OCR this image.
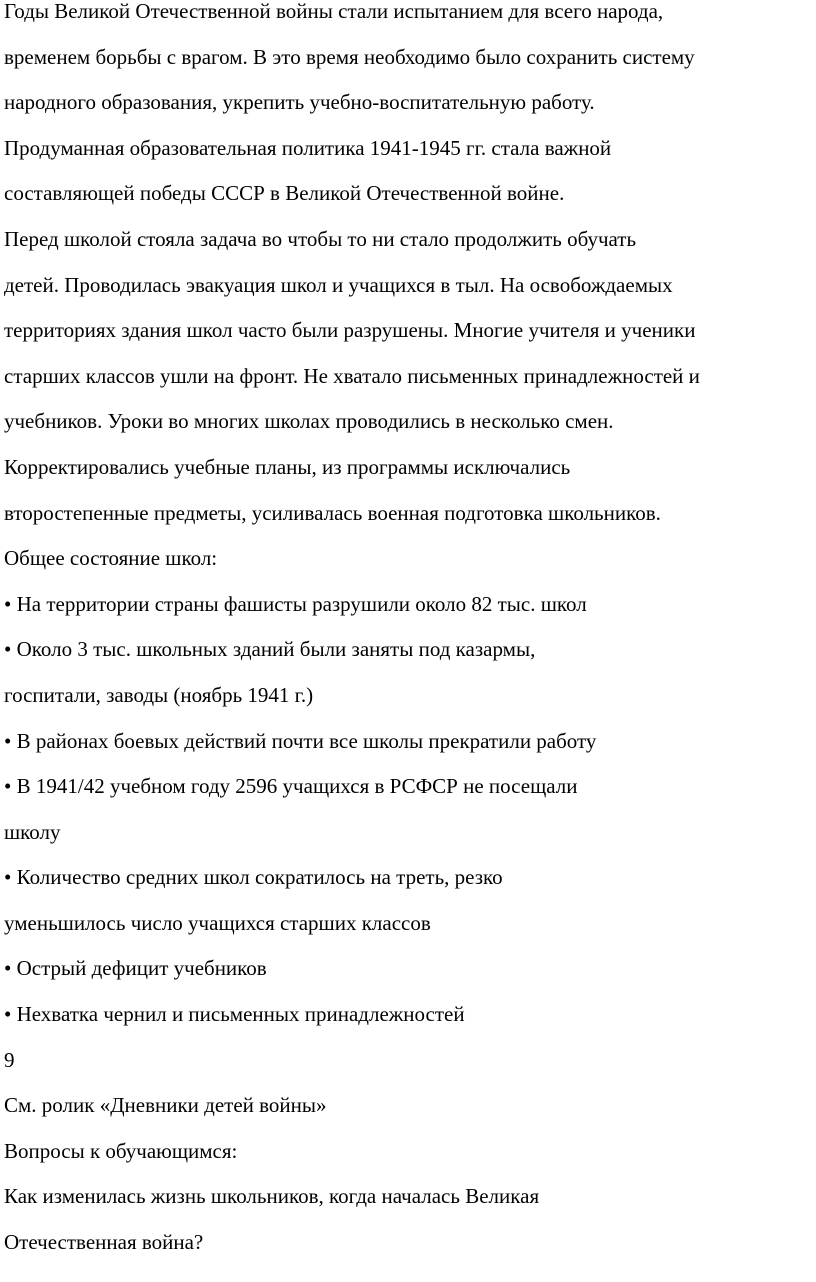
Годы Великой Отечественной войны стали испытанием для всего народа,
временем борьбы с врагом. В это время необходимо было сохранить систему
народного образования, укрепить учебно-воспитательную работу.
Продуманная образовательная политика 1941-1945 гг. стала важной
составляющей победы СССР в Великой Отечественной войне.
Перед школой стояла задача во чтобы то ни стало продолжить обучать
детей. Проводилась эвакуация школ и учащихся в тыл. На освобождаемых
территориях здания школ часто были разрушены. Многие учителя и ученики
старших классов ушли на фронт. Не хватало письменных принадлежностей и
учебников. Уроки во многих школах проводились в несколько смен.
Корректировались учебные планы, из программы исключались
второстепенные предметы, усиливалась военная подготовка школьников.
Общее состояние школ:
• На территории страны фашисты разрушили около 82 тыс. школ
• Около 3 тыс. школьных зданий были заняты под казармы,
госпитали, заводы (ноябрь 1941 г.)
• В районах боевых действий почти все школы прекратили работу
• В 1941/42 учебном году 2596 учащихся в РСФСР не посещали
школу
• Количество средних школ сократилось на треть, резко
уменьшилось число учащихся старших классов
• Острый дефицит учебников
• Нехватка чернил и письменных принадлежностей
9
См. ролик «Дневники детей войны»
Вопросы к обучающимся:
Как изменилась жизнь школьников, когда началась Великая
Отечественная война?
